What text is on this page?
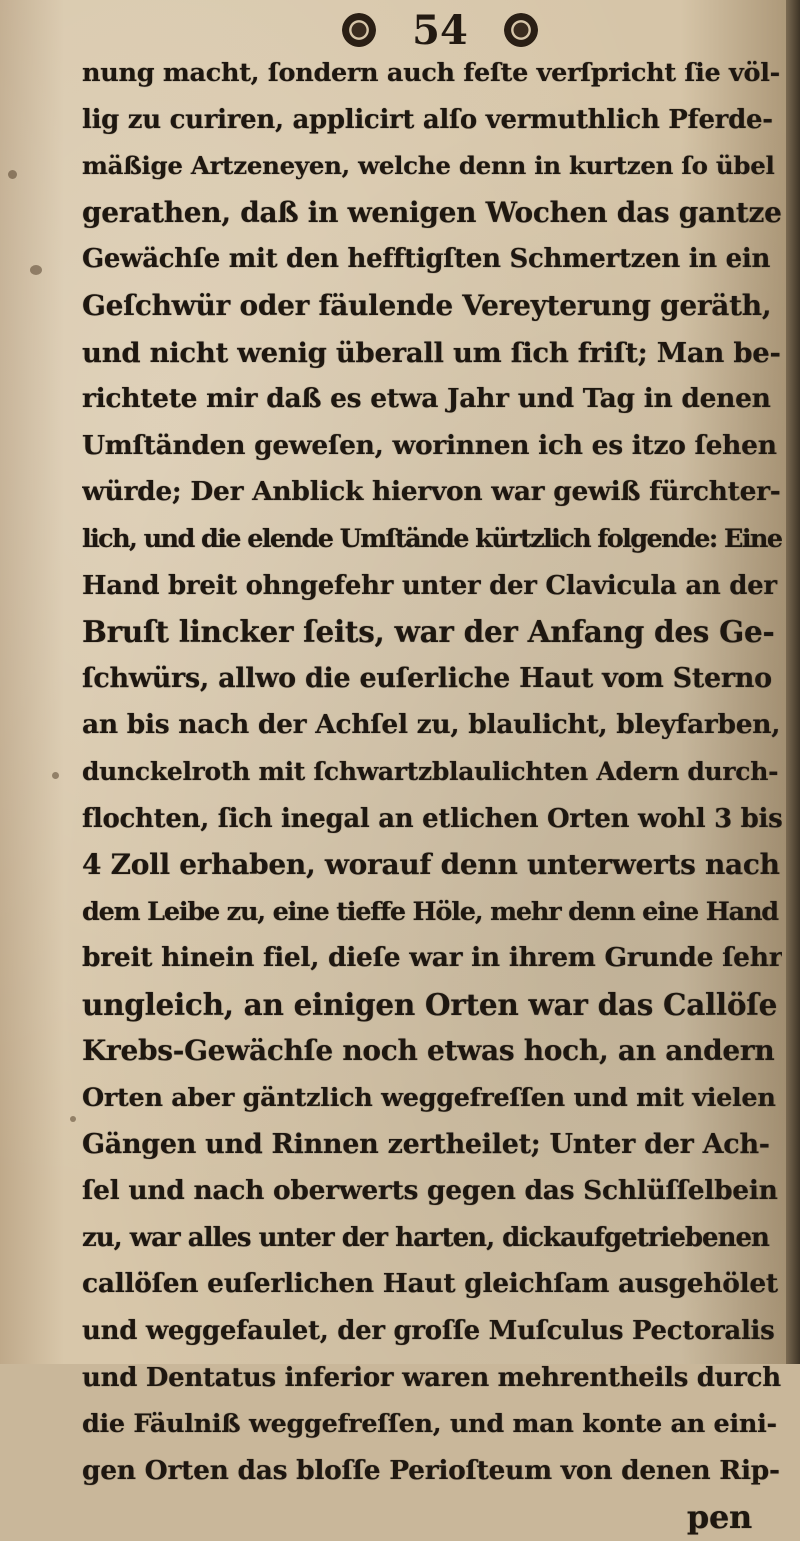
54
nung macht, ſondern auch feſte verſpricht ſie völ-
lig zu curiren, applicirt alſo vermuthlich Pferde-
mäßige Artzeneyen, welche denn in kurtzen ſo übel
gerathen, daß in wenigen Wochen das gantze
Gewächſe mit den hefftigſten Schmertzen in ein
Geſchwür oder fäulende Vereyterung geräth,
und nicht wenig überall um ſich friſt; Man be-
richtete mir daß es etwa Jahr und Tag in denen
Umſtänden geweſen, worinnen ich es itzo ſehen
würde; Der Anblick hiervon war gewiß fürchter-
lich, und die elende Umſtände kürtzlich folgende: Eine
Hand breit ohngefehr unter der Clavicula an der
Bruſt lincker ſeits, war der Anfang des Ge-
ſchwürs, allwo die euſerliche Haut vom Sterno
an bis nach der Achſel zu, blaulicht, bleyfarben,
dunckelroth mit ſchwartzblaulichten Adern durch-
flochten, ſich inegal an etlichen Orten wohl 3 bis
4 Zoll erhaben, worauf denn unterwerts nach
dem Leibe zu, eine tieffe Höle, mehr denn eine Hand
breit hinein fiel, dieſe war in ihrem Grunde ſehr
ungleich, an einigen Orten war das Callöſe
Krebs-Gewächſe noch etwas hoch, an andern
Orten aber gäntzlich weggefreſſen und mit vielen
Gängen und Rinnen zertheilet; Unter der Ach-
ſel und nach oberwerts gegen das Schlüſſelbein
zu, war alles unter der harten, dickaufgetriebenen
callöſen euſerlichen Haut gleichſam ausgehölet
und weggefaulet, der groſſe Muſculus Pectoralis
und Dentatus inferior waren mehrentheils durch
die Fäulniß weggefreſſen, und man konte an eini-
gen Orten das bloſſe Perioſteum von denen Rip-
pen
